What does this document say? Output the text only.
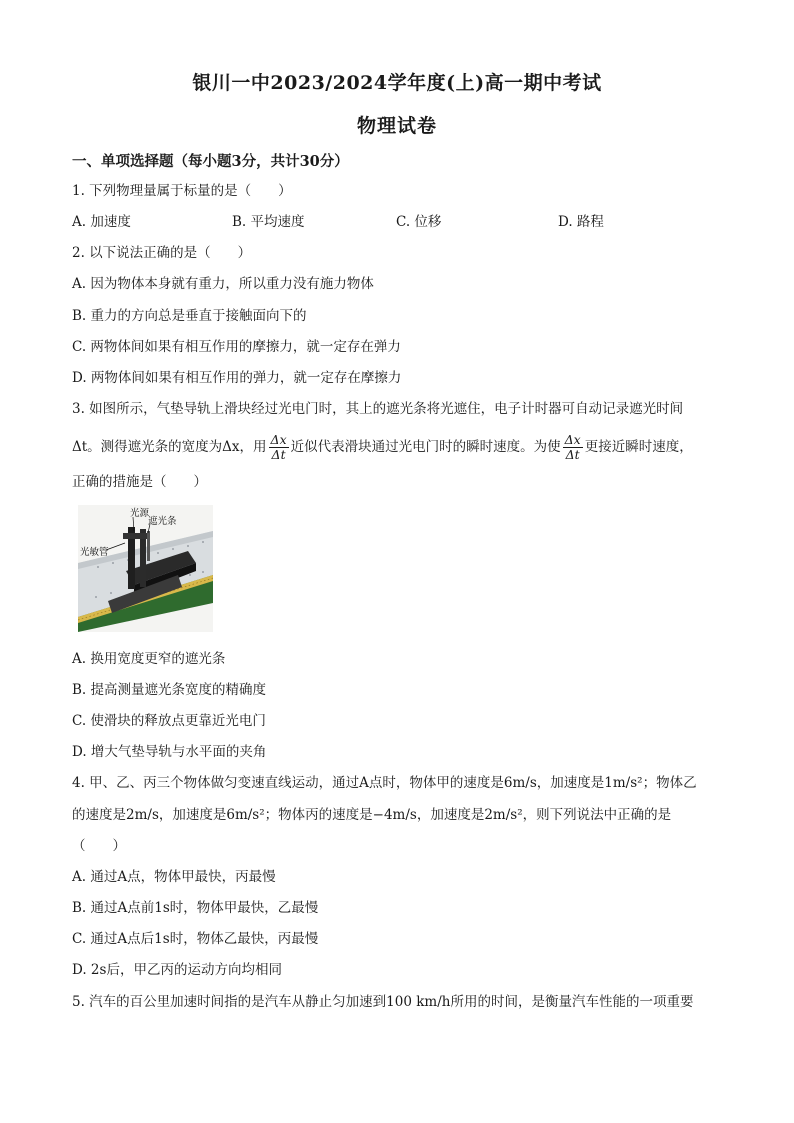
银川一中2023/2024学年度(上)高一期中考试
物理试卷
一、单项选择题（每小题3分，共计30分）
1. 下列物理量属于标量的是（　　）
A. 加速度	B. 平均速度	C. 位移	D. 路程
2. 以下说法正确的是（　　）
A. 因为物体本身就有重力，所以重力没有施力物体
B. 重力的方向总是垂直于接触面向下的
C. 两物体间如果有相互作用的摩擦力，就一定存在弹力
D. 两物体间如果有相互作用的弹力，就一定存在摩擦力
3. 如图所示，气垫导轨上滑块经过光电门时，其上的遮光条将光遮住，电子计时器可自动记录遮光时间
Δt。测得遮光条的宽度为Δx，用 $\frac{\Delta x}{\Delta t}$ 近似代表滑块通过光电门时的瞬时速度。为使 $\frac{\Delta x}{\Delta t}$ 更接近瞬时速度，
正确的措施是（　　）
光源
遮光条
光敏管
A. 换用宽度更窄的遮光条
B. 提高测量遮光条宽度的精确度
C. 使滑块的释放点更靠近光电门
D. 增大气垫导轨与水平面的夹角
4. 甲、乙、丙三个物体做匀变速直线运动，通过A点时，物体甲的速度是6m/s，加速度是1m/s²；物体乙
的速度是2m/s，加速度是6m/s²；物体丙的速度是−4m/s，加速度是2m/s²，则下列说法中正确的是
（　　）
A. 通过A点，物体甲最快，丙最慢
B. 通过A点前1s时，物体甲最快，乙最慢
C. 通过A点后1s时，物体乙最快，丙最慢
D. 2s后，甲乙丙的运动方向均相同
5. 汽车的百公里加速时间指的是汽车从静止匀加速到100 km/h所用的时间，是衡量汽车性能的一项重要
